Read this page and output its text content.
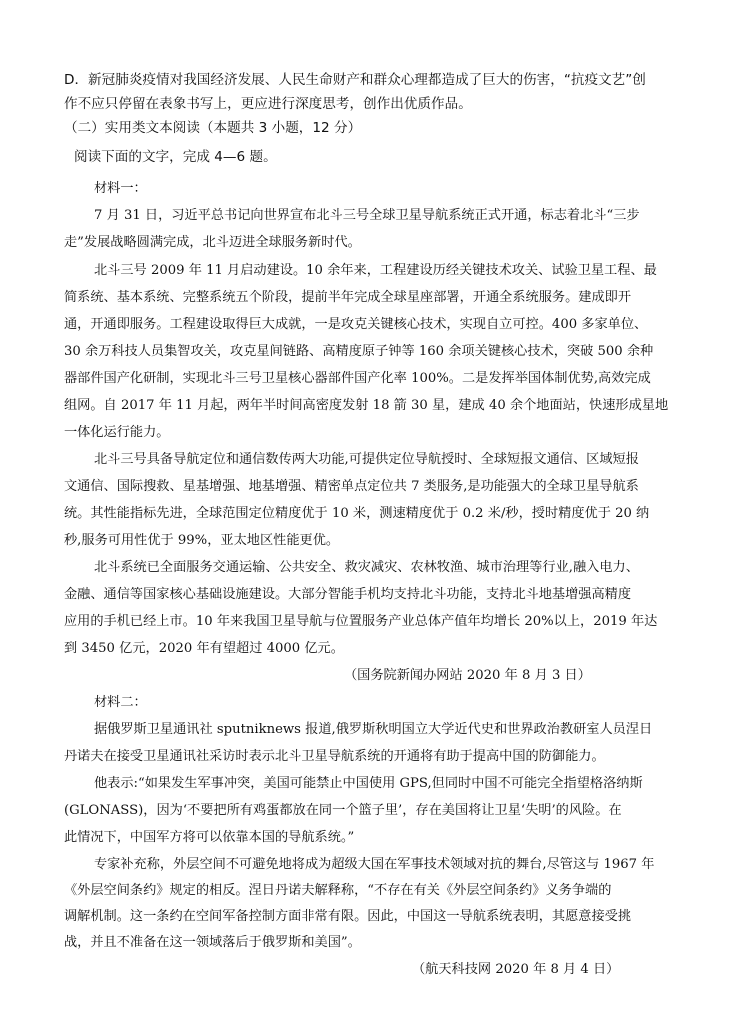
D．新冠肺炎疫情对我国经济发展、人民生命财产和群众心理都造成了巨大的伤害，“抗疫文艺”创
作不应只停留在表象书写上，更应进行深度思考，创作出优质作品。
（二）实用类文本阅读（本题共 3 小题，12 分）
阅读下面的文字，完成 4—6 题。
材料一：
7 月 31 日，习近平总书记向世界宣布北斗三号全球卫星导航系统正式开通，标志着北斗“三步
走”发展战略圆满完成，北斗迈进全球服务新时代。
北斗三号 2009 年 11 月启动建设。10 余年来，工程建设历经关键技术攻关、试验卫星工程、最
简系统、基本系统、完整系统五个阶段，提前半年完成全球星座部署，开通全系统服务。建成即开
通，开通即服务。工程建设取得巨大成就，一是攻克关键核心技术，实现自立可控。400 多家单位、
30 余万科技人员集智攻关，攻克星间链路、高精度原子钟等 160 余项关键核心技术，突破 500 余种
器部件国产化研制，实现北斗三号卫星核心器部件国产化率 100%。二是发挥举国体制优势,高效完成
组网。自 2017 年 11 月起，两年半时间高密度发射 18 箭 30 星，建成 40 余个地面站，快速形成星地
一体化运行能力。
北斗三号具备导航定位和通信数传两大功能,可提供定位导航授时、全球短报文通信、区域短报
文通信、国际搜救、星基增强、地基增强、精密单点定位共 7 类服务,是功能强大的全球卫星导航系
统。其性能指标先进，全球范围定位精度优于 10 米，测速精度优于 0.2 米/秒，授时精度优于 20 纳
秒,服务可用性优于 99%，亚太地区性能更优。
北斗系统已全面服务交通运输、公共安全、救灾减灾、农林牧渔、城市治理等行业,融入电力、
金融、通信等国家核心基础设施建设。大部分智能手机均支持北斗功能，支持北斗地基增强高精度
应用的手机已经上市。10 年来我国卫星导航与位置服务产业总体产值年均增长 20%以上，2019 年达
到 3450 亿元，2020 年有望超过 4000 亿元。
（国务院新闻办网站 2020 年 8 月 3 日）
材料二：
据俄罗斯卫星通讯社 sputniknews 报道,俄罗斯秋明国立大学近代史和世界政治教研室人员涅日
丹诺夫在接受卫星通讯社采访时表示北斗卫星导航系统的开通将有助于提高中国的防御能力。
他表示:“如果发生军事冲突，美国可能禁止中国使用 GPS,但同时中国不可能完全指望格洛纳斯
(GLONASS)，因为‘不要把所有鸡蛋都放在同一个篮子里’，存在美国将让卫星‘失明’的风险。在
此情况下，中国军方将可以依靠本国的导航系统。”
专家补充称，外层空间不可避免地将成为超级大国在军事技术领域对抗的舞台,尽管这与 1967 年
《外层空间条约》规定的相反。涅日丹诺夫解释称，“不存在有关《外层空间条约》义务争端的
调解机制。这一条约在空间军备控制方面非常有限。因此，中国这一导航系统表明，其愿意接受挑
战，并且不准备在这一领域落后于俄罗斯和美国”。
（航天科技网 2020 年 8 月 4 日）
